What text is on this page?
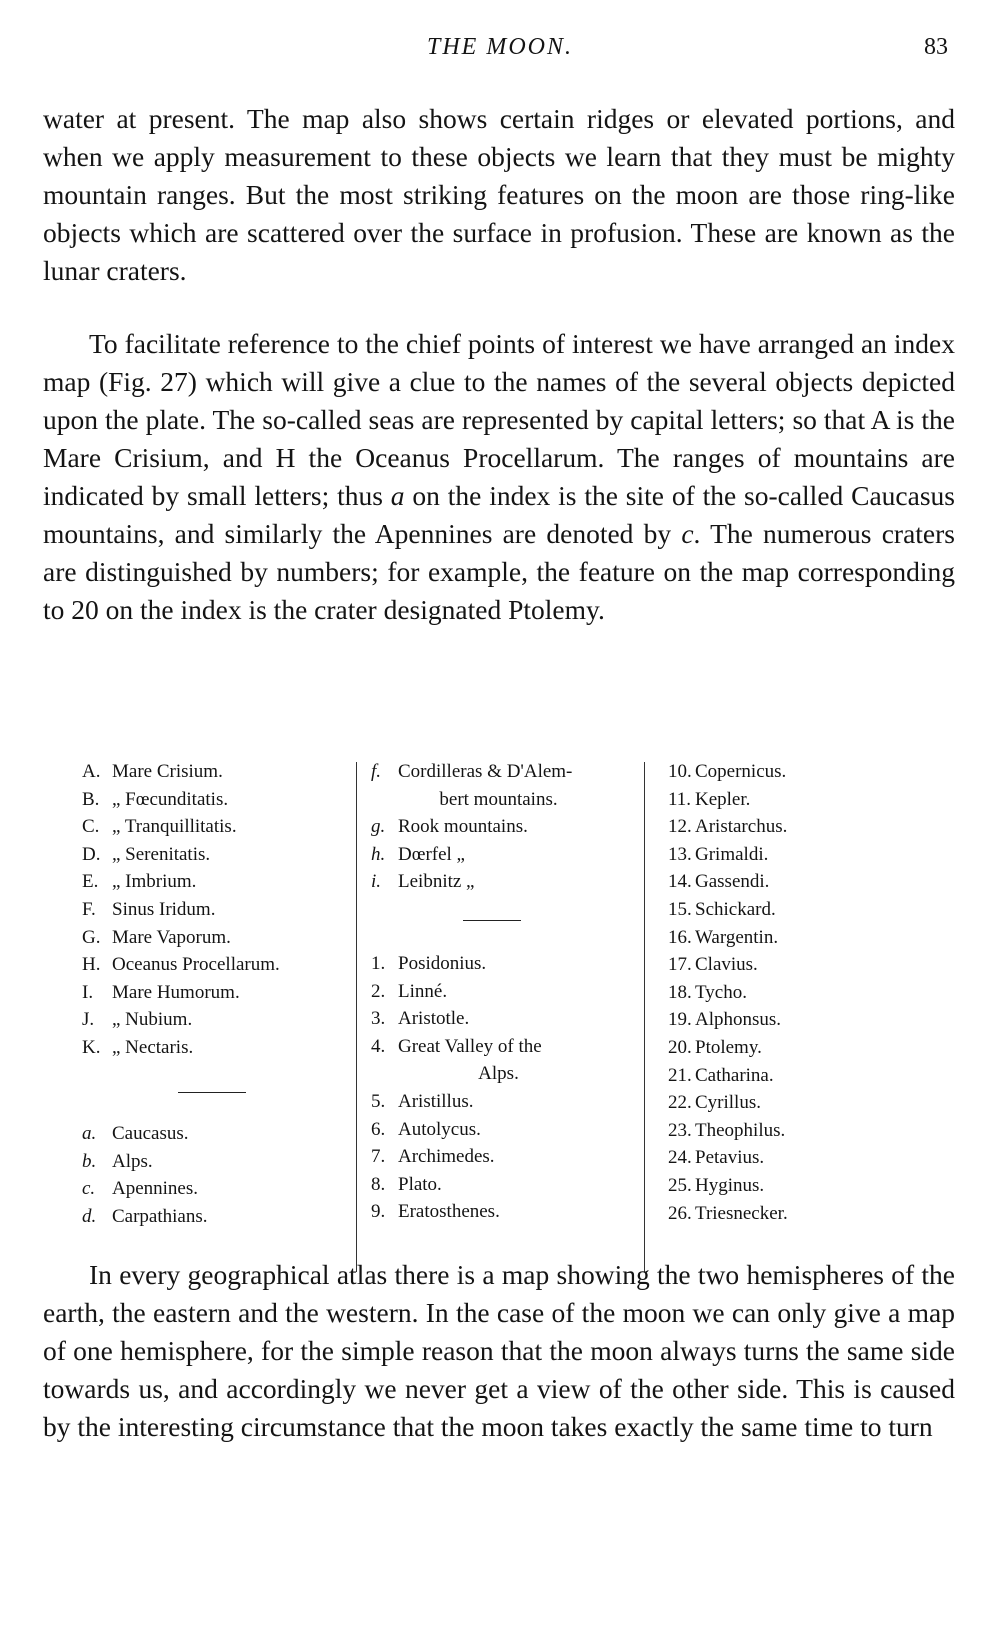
THE MOON.	83

water at present. The map also shows certain ridges or elevated portions, and when we apply measurement to these objects we learn that they must be mighty mountain ranges. But the most striking features on the moon are those ring-like objects which are scattered over the surface in profusion. These are known as the lunar craters.

To facilitate reference to the chief points of interest we have arranged an index map (Fig. 27) which will give a clue to the names of the several objects depicted upon the plate. The so-called seas are represented by capital letters; so that A is the Mare Crisium, and H the Oceanus Procellarum. The ranges of mountains are indicated by small letters; thus a on the index is the site of the so-called Caucasus mountains, and similarly the Apennines are denoted by c. The numerous craters are distinguished by numbers; for example, the feature on the map corresponding to 20 on the index is the crater designated Ptolemy.

A. Mare Crisium.
B. „ Fœcunditatis.
C. „ Tranquillitatis.
D. „ Serenitatis.
E. „ Imbrium.
F. Sinus Iridum.
G. Mare Vaporum.
H. Oceanus Procellarum.
I. Mare Humorum.
J. „ Nubium.
K. „ Nectaris.
a. Caucasus.
b. Alps.
c. Apennines.
d. Carpathians.
f. Cordilleras & D'Alem-
bert mountains.
g. Rook mountains.
h. Dœrfel „
i. Leibnitz „
1. Posidonius.
2. Linné.
3. Aristotle.
4. Great Valley of the
Alps.
5. Aristillus.
6. Autolycus.
7. Archimedes.
8. Plato.
9. Eratosthenes.
10. Copernicus.
11. Kepler.
12. Aristarchus.
13. Grimaldi.
14. Gassendi.
15. Schickard.
16. Wargentin.
17. Clavius.
18. Tycho.
19. Alphonsus.
20. Ptolemy.
21. Catharina.
22. Cyrillus.
23. Theophilus.
24. Petavius.
25. Hyginus.
26. Triesnecker.

In every geographical atlas there is a map showing the two hemispheres of the earth, the eastern and the western. In the case of the moon we can only give a map of one hemisphere, for the simple reason that the moon always turns the same side towards us, and accordingly we never get a view of the other side. This is caused by the interesting circumstance that the moon takes exactly the same time to turn
